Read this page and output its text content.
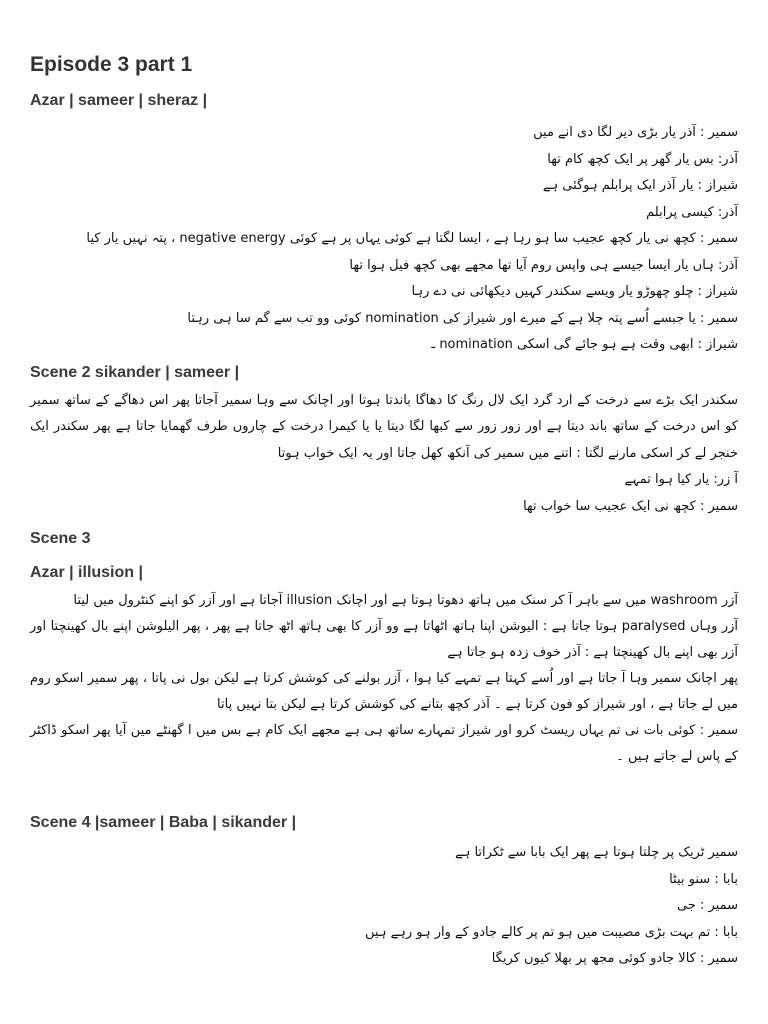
Episode 3 part 1
Azar | sameer | sheraz |

سمیر : آذر یار بڑی دیر لگا دی انے میں

آذر: بس یار گھر پر ایک کچھ کام تھا

شیراز : یار آذر ایک پرابلم ہوگئی ہے

آذر: کیسی پرابلم

سمیر : کچھ نی یار کچھ عجیب سا ہو رہا ہے ، ایسا لگتا ہے کوئی یہاں پر ہے کوئی negative energy ، پتہ نہیں یار کیا

آذر: ہاں یار ایسا جیسے ہی واپس روم آیا تھا مجھے بھی کچھ فیل ہوا تھا

شیراز : چلو چھوڑو یار ویسے سکندر کہیں دیکھائی نی دے رہا

سمیر : یا جبسے اُسے پتہ چلا ہے کے میرے اور شیراز کی nomination کوئی وو تب سے گم سا ہی رہتا

شیراز : ابھی وقت ہے ہو جائے گی اسکی nomination ـ

Scene 2 sikander | sameer |

سکندر ایک بڑے سے درخت کے ارد گرد ایک لال رنگ کا دھاگا باندتا ہوتا اور اچانک سے وہا سمیر آجاتا پھر اس دھاگے کے ساتھ سمیر کو اس درخت کے ساتھ باند دیتا ہے اور زور زور سے کبھا لگا دیتا یا یا کیمرا درخت کے چاروں طرف گھمایا جاتا ہے پھر سکندر ایک خنجر لے کر اسکی مارنے لگتا : اتنے میں سمیر کی آنکھ کھل جاتا اور یہ ایک خواب ہوتا

آ زر: یار کیا ہوا تمہے

سمیر : کچھ نی ایک عجیب سا خواب تھا

Scene 3
Azar | illusion |

آزر washroom میں سے باہر آ کر سنک میں ہاتھ دھوتا ہوتا ہے اور اچانک illusion آجاتا ہے اور آزر کو اپنے کنٹرول میں لیتا

آزر وہاں paralysed ہوتا جاتا ہے : الیوشن اپنا ہاتھ اٹھاتا ہے وو آزر کا بھی ہاتھ اٹھ جاتا ہے پھر ، پھر الیلوشن اپنے بال کھینچتا اور آزر بھی اپنے بال کھینچتا ہے : آذر خوف زدہ ہو جاتا ہے

پھر اچانک سمیر وہا آ جاتا ہے اور اُسے کہتا ہے تمہے کیا ہوا ، آزر بولنے کی کوشش کرتا ہے لیکن بول نی پاتا ، پھر سمیر اسکو روم میں لے جاتا ہے ، اور شیراز کو فون کرتا ہے ۔ آذر کچھ بتانے کی کوشش کرتا ہے لیکن بتا نہیں پاتا

سمیر : کوئی بات نی تم یہاں ریسٹ کرو اور شیراز تمہارے ساتھ ہی ہے مجھے ایک کام ہے بس میں ا گھنٹے میں آیا پھر اسکو ڈاکٹر کے پاس لے جاتے ہیں ۔

Scene 4 |sameer | Baba | sikander |

سمیر ٹریک پر چلتا ہوتا ہے پھر ایک بابا سے ٹکراتا ہے

بابا : سنو بیٹا

سمیر : جی

بابا : تم بہت بڑی مصیبت میں ہو تم پر کالے جادو کے وار ہو رہے ہیں

سمیر : کالا جادو کوئی مجھ پر بھلا کیوں کریگا
